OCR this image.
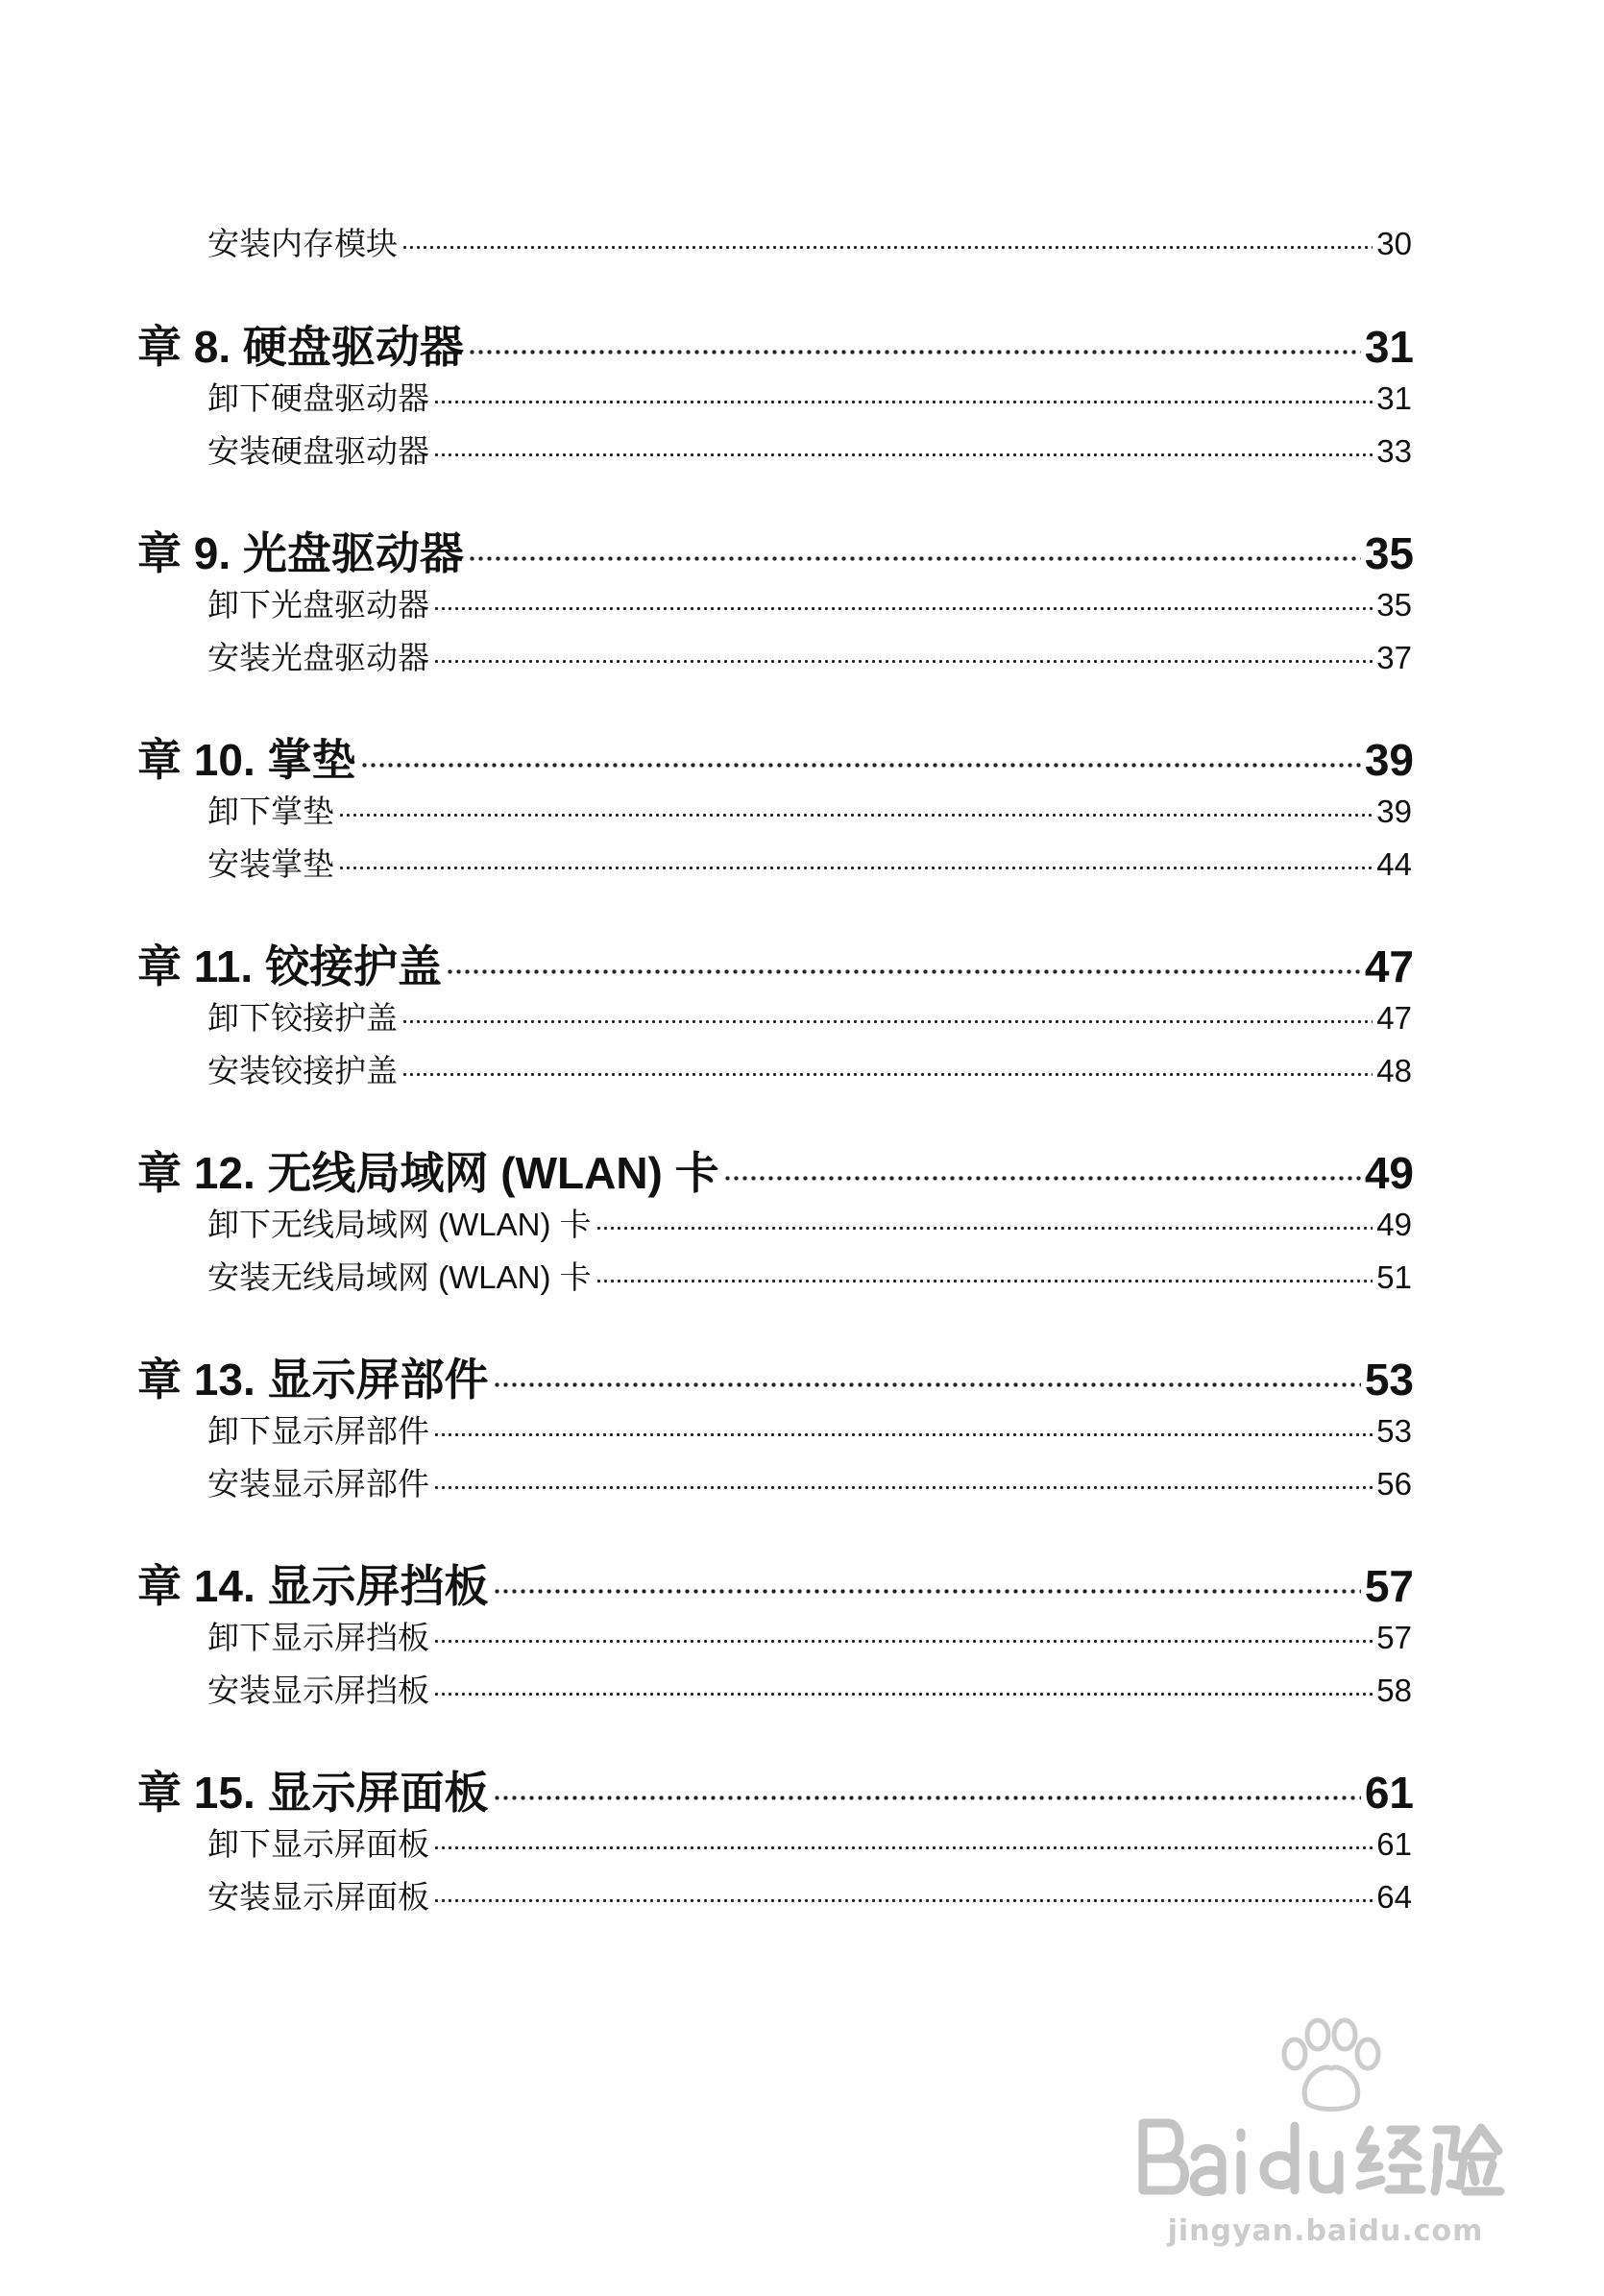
安装内存模块	30
章 8. 硬盘驱动器	31
卸下硬盘驱动器	31
安装硬盘驱动器	33
章 9. 光盘驱动器	35
卸下光盘驱动器	35
安装光盘驱动器	37
章 10. 掌垫	39
卸下掌垫	39
安装掌垫	44
章 11. 铰接护盖	47
卸下铰接护盖	47
安装铰接护盖	48
章 12. 无线局域网 (WLAN) 卡	49
卸下无线局域网 (WLAN) 卡	49
安装无线局域网 (WLAN) 卡	51
章 13. 显示屏部件	53
卸下显示屏部件	53
安装显示屏部件	56
章 14. 显示屏挡板	57
卸下显示屏挡板	57
安装显示屏挡板	58
章 15. 显示屏面板	61
卸下显示屏面板	61
安装显示屏面板	64
jingyan.baidu.com
